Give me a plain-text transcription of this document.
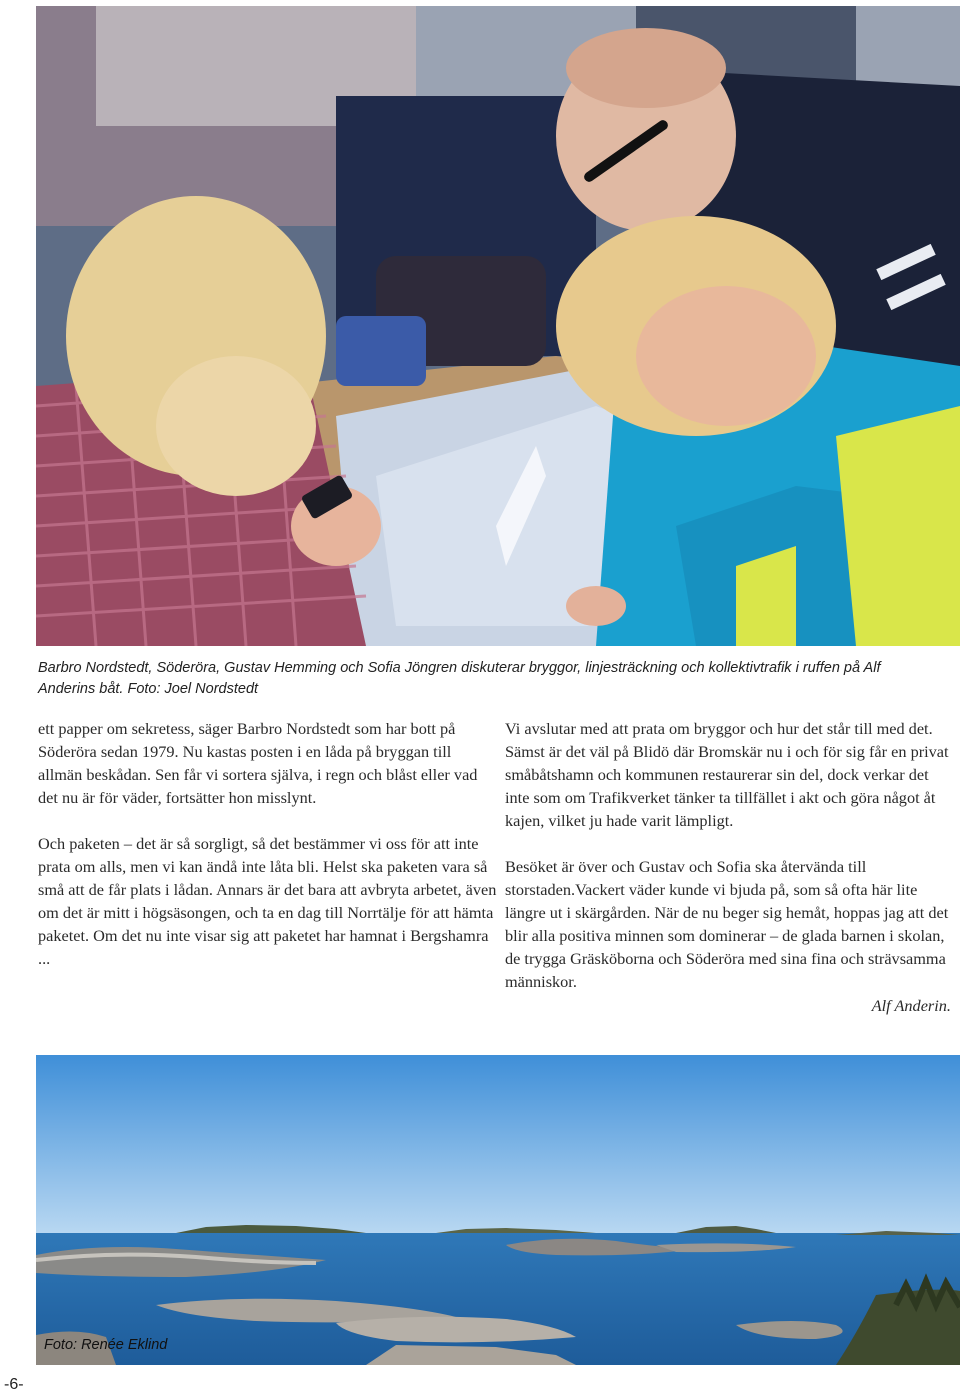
Barbro Nordstedt, Söderöra, Gustav Hemming och Sofia Jöngren diskuterar bryggor, linjesträckning och kollektivtrafik i ruffen på Alf Anderins båt. Foto: Joel Nordstedt

ett papper om sekretess, säger Barbro Nordstedt som har bott på Söderöra sedan 1979. Nu kastas posten i en låda på bryggan till allmän beskådan. Sen får vi sortera själva, i regn och blåst eller vad det nu är för väder, fortsätter hon misslynt.

Och paketen – det är så sorgligt, så det bestämmer vi oss för att inte prata om alls, men vi kan ändå inte låta bli. Helst ska paketen vara så små att de får plats i lådan. Annars är det bara att avbryta arbetet, även om det är mitt i högsäsongen, och ta en dag till Norrtälje för att hämta paketet. Om det nu inte visar sig att paketet har hamnat i Bergshamra ...

Vi avslutar med att prata om bryggor och hur det står till med det. Sämst är det väl på Blidö där Bromskär nu i och för sig får en privat småbåtshamn och kommunen restaurerar sin del, dock verkar det inte som om Trafikverket tänker ta tillfället i akt och göra något åt kajen, vilket ju hade varit lämpligt.

Besöket är över och Gustav och Sofia ska återvända till storstaden.Vackert väder kunde vi bjuda på, som så ofta här lite längre ut i skärgården. När de nu beger sig hemåt, hoppas jag att det blir alla positiva minnen som dominerar – de glada barnen i skolan, de trygga Gräsköborna och Söderöra med sina fina och strävsamma människor.

Alf Anderin.
Foto: Renée Eklind
-6-
